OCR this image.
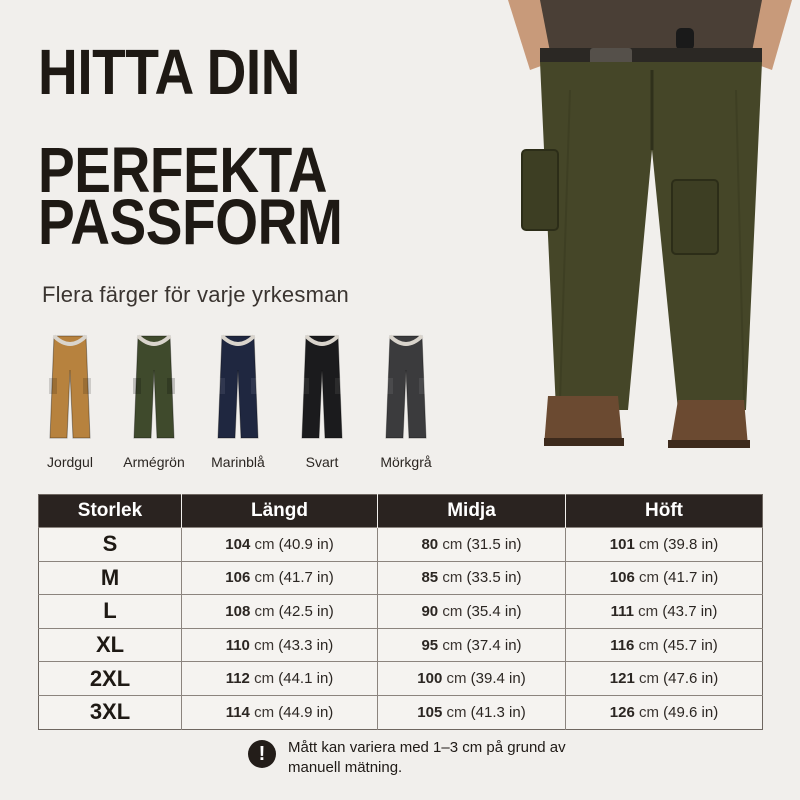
HITTA DIN
PERFEKTA
PASSFORM
Flera färger för varje yrkesman
Jordgul	Armégrön	Marinblå	Svart	Mörkgrå
Storlek	Längd	Midja	Höft
S	104 cm (40.9 in)	80 cm (31.5 in)	101 cm (39.8 in)
M	106 cm (41.7 in)	85 cm (33.5 in)	106 cm (41.7 in)
L	108 cm (42.5 in)	90 cm (35.4 in)	111 cm (43.7 in)
XL	110 cm (43.3 in)	95 cm (37.4 in)	116 cm (45.7 in)
2XL	112 cm (44.1 in)	100 cm (39.4 in)	121 cm (47.6 in)
3XL	114 cm (44.9 in)	105 cm (41.3 in)	126 cm (49.6 in)
!	Mått kan variera med 1–3 cm på grund av manuell mätning.
